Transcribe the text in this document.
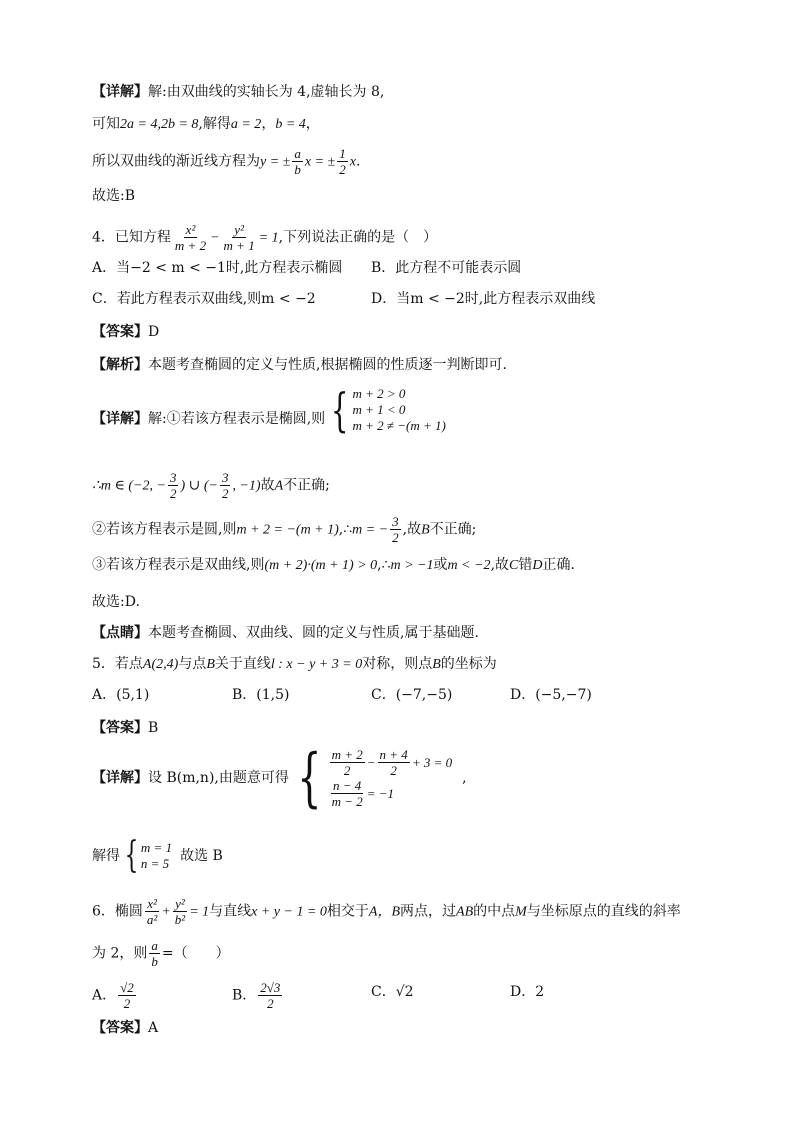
【详解】解:由双曲线的实轴长为 4,虚轴长为 8,
可知2a = 4,2b = 8,解得a = 2，b = 4，
所以双曲线的渐近线方程为y = ± $\frac{a}{b}$ x = ± $\frac{1}{2} x$.
故选:B
4．已知方程 $\frac{\text{x²}}{m + 2} - \frac{\text{y²}}{m + 1} = 1$,下列说法正确的是（　）
A．当−2 < m < −1时,此方程表示椭圆 B．此方程不可能表示圆
C．若此方程表示双曲线,则m < −2	D．当m < −2时,此方程表示双曲线
【答案】D
【解析】本题考查椭圆的定义与性质,根据椭圆的性质逐一判断即可.
【详解】解:①若该方程表示是椭圆,则 { m + 2 > 0
m + 1 < 0
m + 2 ≠ −(m + 1)
∴m ∈ (−2, − $\frac{3}{2}$ ) ∪ (− $\frac{3}{2}$ , −1)故A不正确;
②若该方程表示是圆,则m + 2 = −(m + 1),∴m = − $\frac{3}{2}$ ,故B不正确;
③若该方程表示是双曲线,则(m + 2)·(m + 1) > 0,∴m > −1或m < −2,故C错D正确.
故选:D.
【点睛】本题考查椭圆、双曲线、圆的定义与性质,属于基础题.
5．若点A(2,4)与点B关于直线l : x − y + 3 = 0对称，则点B的坐标为
A．(5,1)	B．(1,5)	C．(−7,−5)	D．(−5,−7)
【答案】B
【详解】设 B(m,n),由题意可得 { $\frac{m + 2}{2} - \frac{n + 4}{2} + 3 = 0$
$\frac{n - 4}{m - 2} = -1$
,
解得 { m = 1
n = 5 故选 B
6．椭圆 $\frac{\text{x²}}{\text{a²}} + \frac{\text{y²}}{\text{b²}} = 1$与直线x + y − 1 = 0相交于A，B两点，过AB的中点M与坐标原点的直线的斜率
为 2，则 $\frac{a}{b}$ =（　　）
A． $\frac{√2}{2}$	B． $\frac{2√3}{2}$	C．√2	D．2
【答案】A
